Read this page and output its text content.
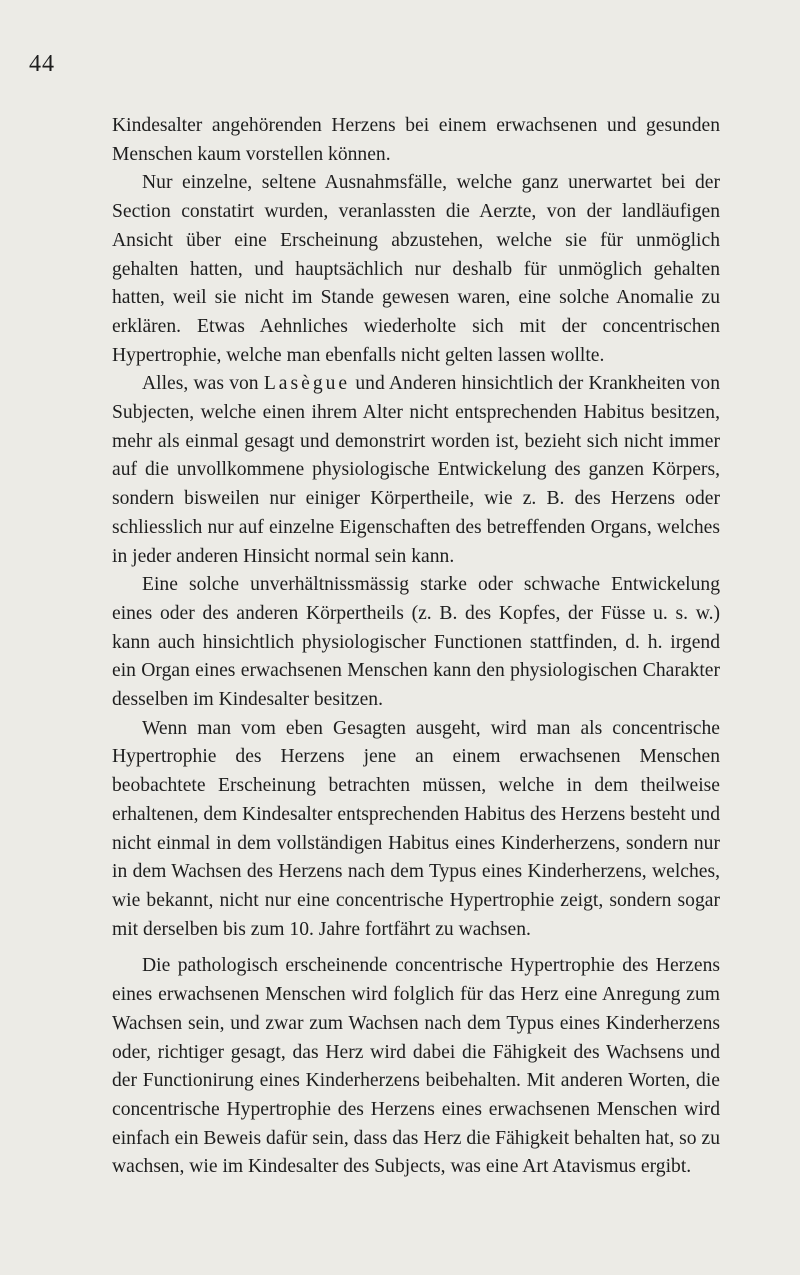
44

Kindesalter angehörenden Herzens bei einem erwachsenen und gesunden Menschen kaum vorstellen können.

Nur einzelne, seltene Ausnahmsfälle, welche ganz unerwartet bei der Section constatirt wurden, veranlassten die Aerzte, von der landläufigen Ansicht über eine Erscheinung abzustehen, welche sie für unmöglich gehalten hatten, und hauptsächlich nur deshalb für unmöglich gehalten hatten, weil sie nicht im Stande gewesen waren, eine solche Anomalie zu erklären. Etwas Aehnliches wiederholte sich mit der concentrischen Hypertrophie, welche man ebenfalls nicht gelten lassen wollte.

Alles, was von Lasègue und Anderen hinsichtlich der Krankheiten von Subjecten, welche einen ihrem Alter nicht entsprechenden Habitus besitzen, mehr als einmal gesagt und demonstrirt worden ist, bezieht sich nicht immer auf die unvollkommene physiologische Entwickelung des ganzen Körpers, sondern bisweilen nur einiger Körpertheile, wie z. B. des Herzens oder schliesslich nur auf einzelne Eigenschaften des betreffenden Organs, welches in jeder anderen Hinsicht normal sein kann.

Eine solche unverhältnissmässig starke oder schwache Entwickelung eines oder des anderen Körpertheils (z. B. des Kopfes, der Füsse u. s. w.) kann auch hinsichtlich physiologischer Functionen stattfinden, d. h. irgend ein Organ eines erwachsenen Menschen kann den physiologischen Charakter desselben im Kindesalter besitzen.

Wenn man vom eben Gesagten ausgeht, wird man als concentrische Hypertrophie des Herzens jene an einem erwachsenen Menschen beobachtete Erscheinung betrachten müssen, welche in dem theilweise erhaltenen, dem Kindesalter entsprechenden Habitus des Herzens besteht und nicht einmal in dem vollständigen Habitus eines Kinderherzens, sondern nur in dem Wachsen des Herzens nach dem Typus eines Kinderherzens, welches, wie bekannt, nicht nur eine concentrische Hypertrophie zeigt, sondern sogar mit derselben bis zum 10. Jahre fortfährt zu wachsen.

Die pathologisch erscheinende concentrische Hypertrophie des Herzens eines erwachsenen Menschen wird folglich für das Herz eine Anregung zum Wachsen sein, und zwar zum Wachsen nach dem Typus eines Kinderherzens oder, richtiger gesagt, das Herz wird dabei die Fähigkeit des Wachsens und der Functionirung eines Kinderherzens beibehalten. Mit anderen Worten, die concentrische Hypertrophie des Herzens eines erwachsenen Menschen wird einfach ein Beweis dafür sein, dass das Herz die Fähigkeit behalten hat, so zu wachsen, wie im Kindesalter des Subjects, was eine Art Atavismus ergibt.
